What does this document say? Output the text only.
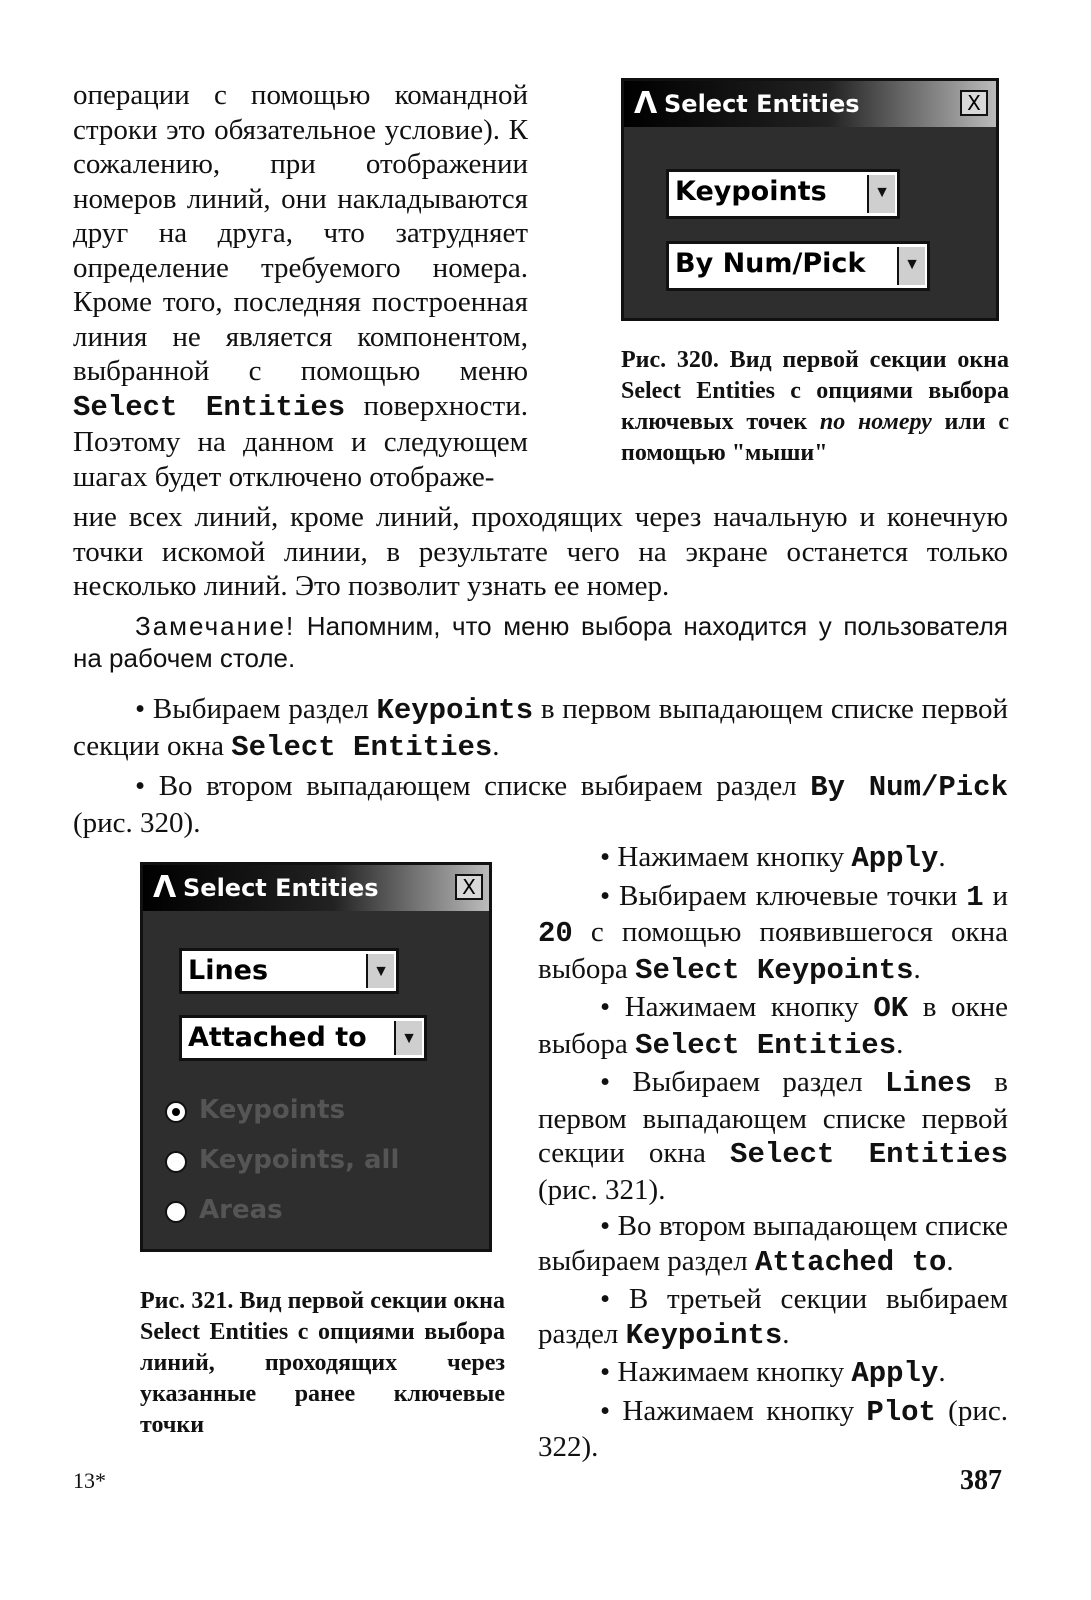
операции с помощью командной строки это обязательное условие). К сожалению, при отображении номеров линий, они накладываются друг на друга, что затрудняет определение требуемого номера. Кроме того, последняя построенная линия не является компонентом, выбранной с помощью меню Select Entities поверхности. Поэтому на данном и следующем шагах будет отключено отображе-

Λ Select Entities	X
Keypoints	▼
By Num/Pick	▼
Рис. 320. Вид первой секции окна Select Entities с опциями выбора ключевых точек по номеру или с помощью "мыши"

ние всех линий, кроме линий, проходящих через начальную и конечную точки искомой линии, в результате чего на экране останется только несколько линий. Это позволит узнать ее номер.

Замечание! Напомним, что меню выбора находится у пользователя на рабочем столе.

• Выбираем раздел Keypoints в первом выпадающем списке первой секции окна Select Entities.

• Во втором выпадающем списке выбираем раздел By Num/Pick (рис. 320).

Λ Select Entities	X
Lines	▼
Attached to	▼
Keypoints
Keypoints, all
Areas
Рис. 321. Вид первой секции окна Select Entities с опциями выбора линий, проходящих через указанные ранее ключевые точки

• Нажимаем кнопку Apply.

• Выбираем ключевые точки 1 и 20 с помощью появившегося окна выбора Select Keypoints.

• Нажимаем кнопку OK в окне выбора Select Entities.

• Выбираем раздел Lines в первом выпадающем списке первой секции окна Select Entities (рис. 321).

• Во втором выпадающем списке выбираем раздел Attached to.

• В третьей секции выбираем раздел Keypoints.

• Нажимаем кнопку Apply.

• Нажимаем кнопку Plot (рис. 322).

13*	387
